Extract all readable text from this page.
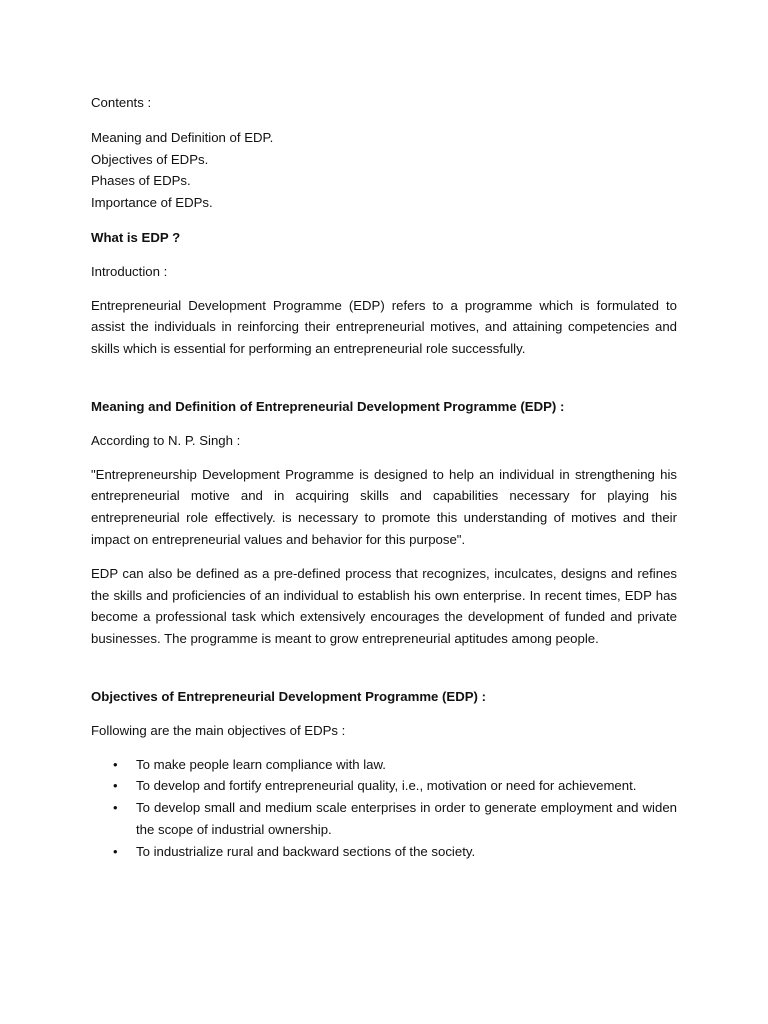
Contents :

Meaning and Definition of EDP.

Objectives of EDPs.

Phases of EDPs.

Importance of EDPs.

What is EDP ?

Introduction :

Entrepreneurial Development Programme (EDP) refers to a programme which is formulated to assist the individuals in reinforcing their entrepreneurial motives, and attaining competencies and skills which is essential for performing an entrepreneurial role successfully.

Meaning and Definition of Entrepreneurial Development Programme (EDP) :

According to N. P. Singh :

"Entrepreneurship Development Programme is designed to help an individual in strengthening his entrepreneurial motive and in acquiring skills and capabilities necessary for playing his entrepreneurial role effectively. is necessary to promote this understanding of motives and their impact on entrepreneurial values and behavior for this purpose".

EDP can also be defined as a pre-defined process that recognizes, inculcates, designs and refines the skills and proficiencies of an individual to establish his own enterprise. In recent times, EDP has become a professional task which extensively encourages the development of funded and private businesses. The programme is meant to grow entrepreneurial aptitudes among people.

Objectives of Entrepreneurial Development Programme (EDP) :

Following are the main objectives of EDPs :

• To make people learn compliance with law.
• To develop and fortify entrepreneurial quality, i.e., motivation or need for achievement.
• To develop small and medium scale enterprises in order to generate employment and widen the scope of industrial ownership.
• To industrialize rural and backward sections of the society.
